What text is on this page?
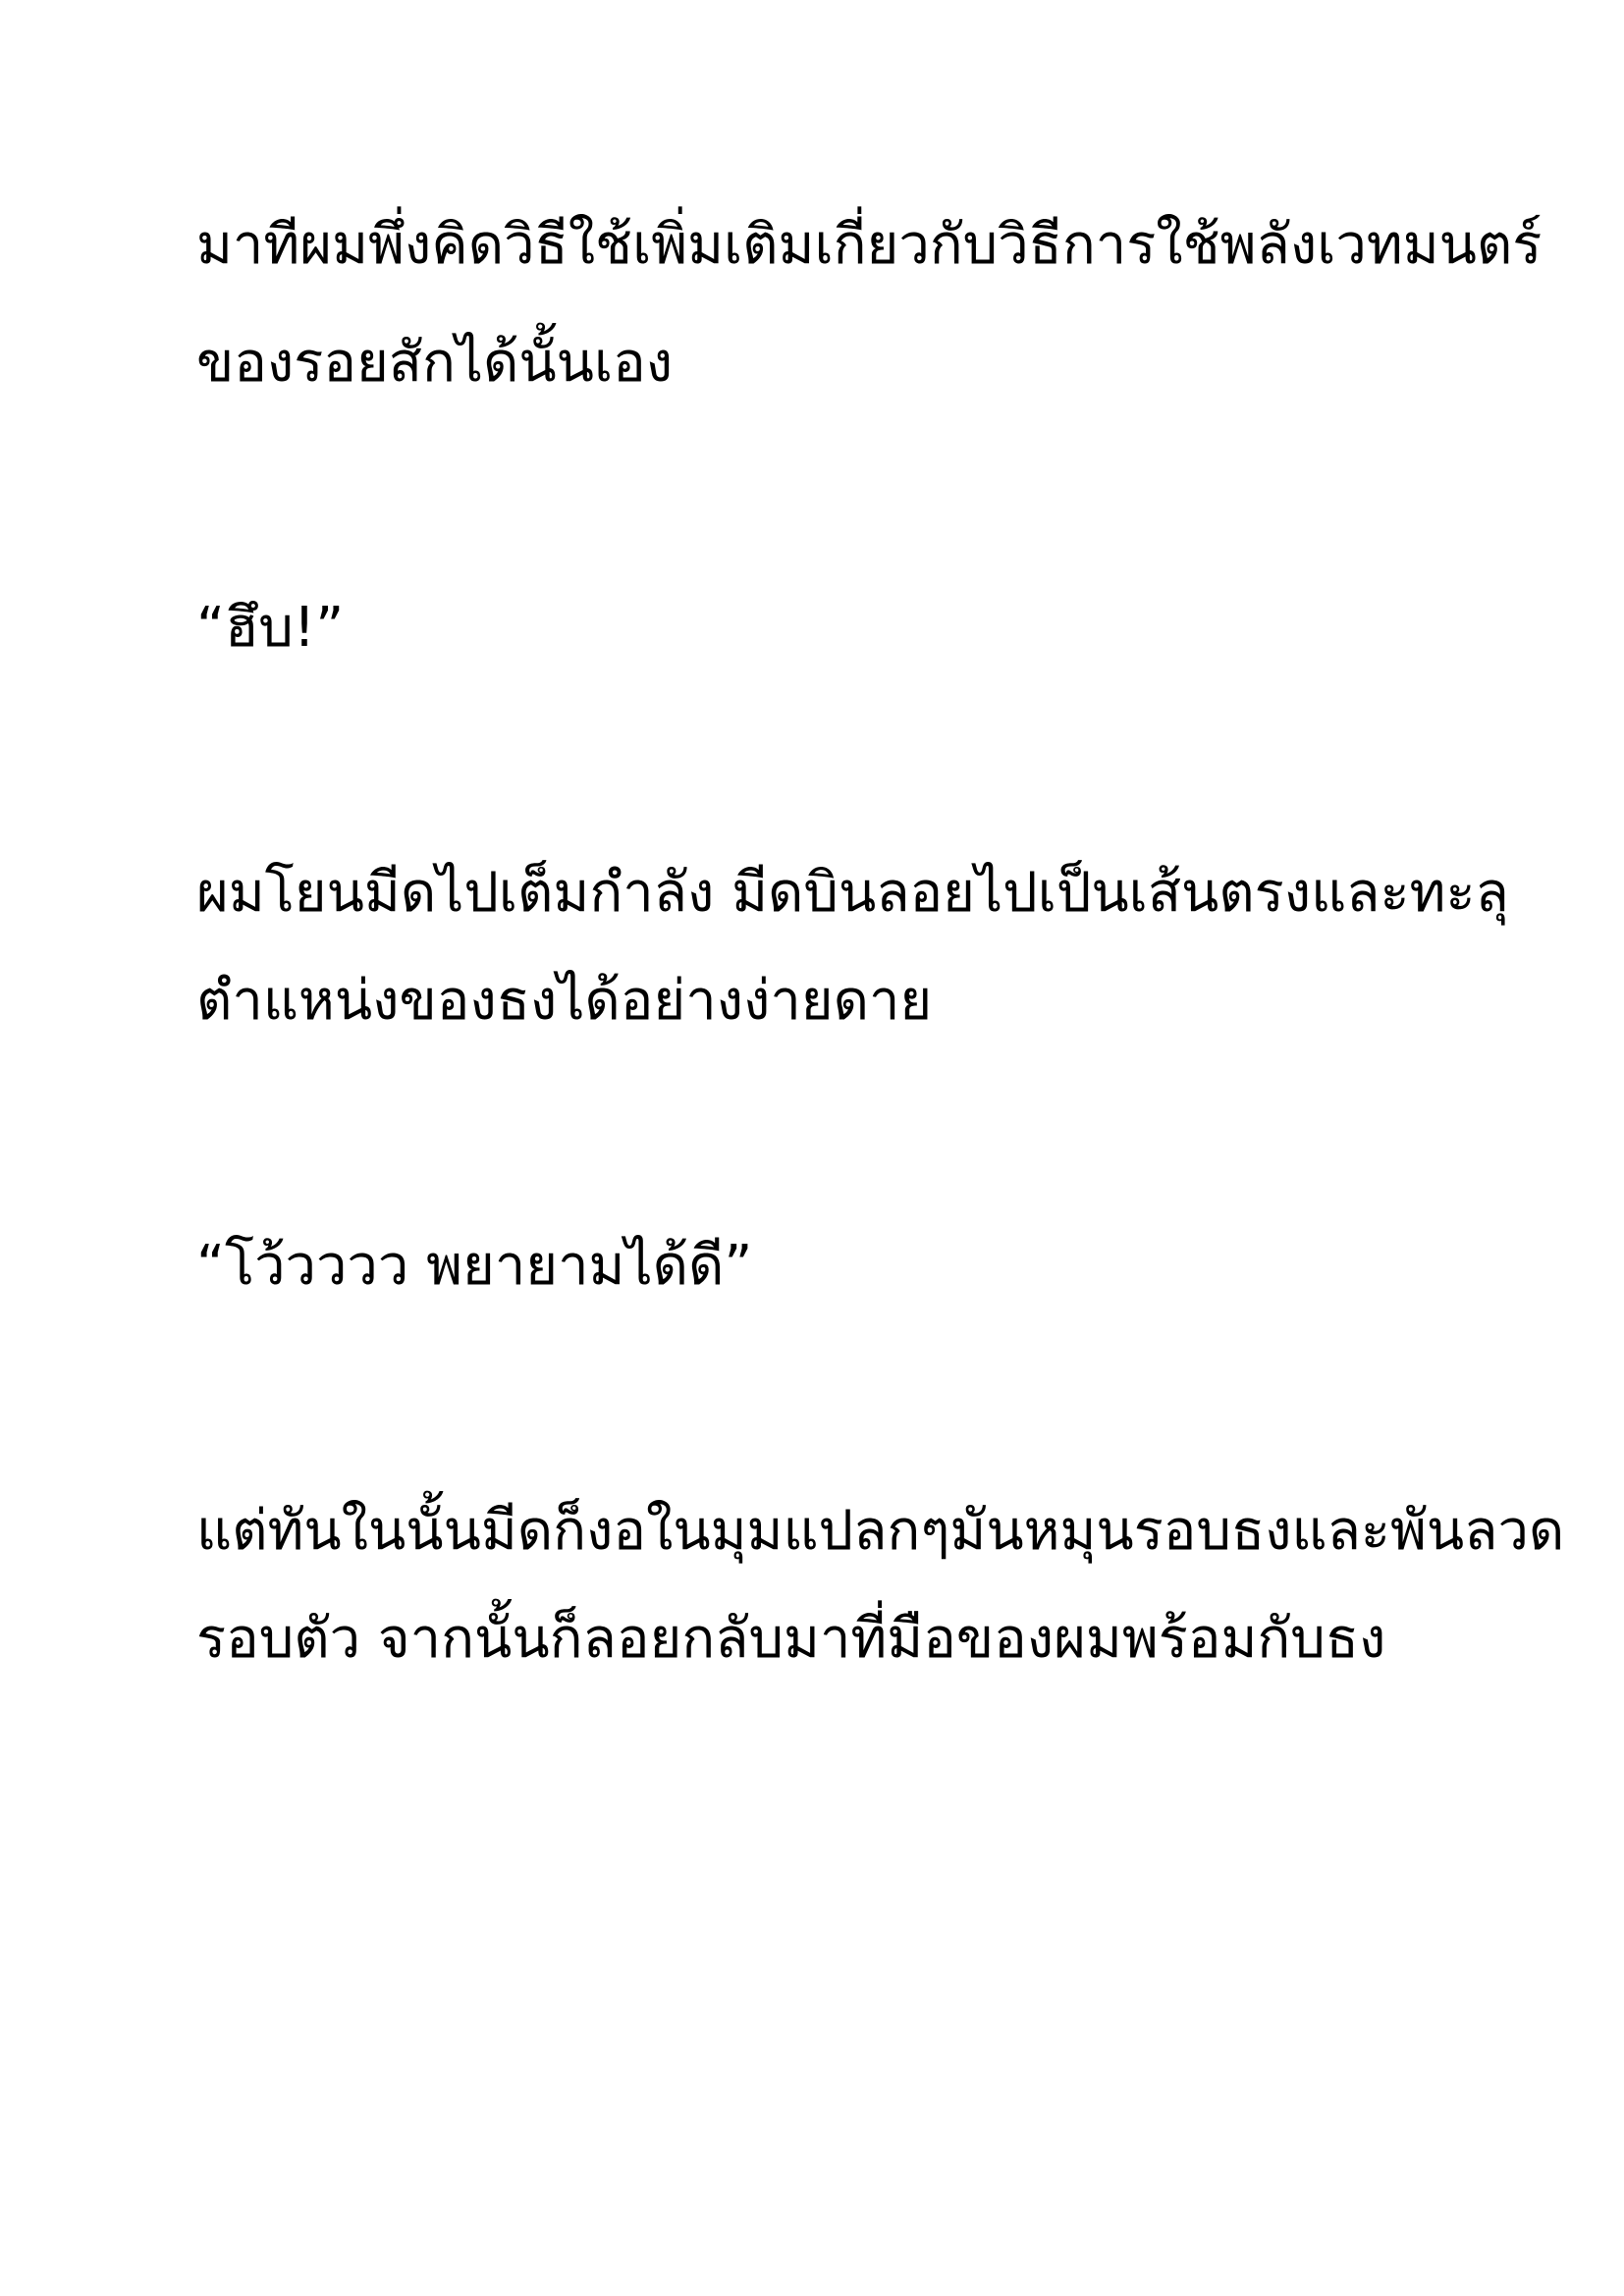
มาทีผมพึ่งคิดวิธีใช้เพิ่มเติมเกี่ยวกับวิธีการใช้พลังเวทมนตร์

ของรอยสักได้นั้นเอง

“ฮึบ!”

ผมโยนมีดไปเต็มกำลัง มีดบินลอยไปเป็นเส้นตรงและทะลุ

ตำแหน่งของธงได้อย่างง่ายดาย

“โว้วววว พยายามได้ดี”

แต่ทันในนั้นมีดก็งอในมุมแปลกๆมันหมุนรอบธงและพันลวด

รอบตัว จากนั้นก็ลอยกลับมาที่มือของผมพร้อมกับธง
